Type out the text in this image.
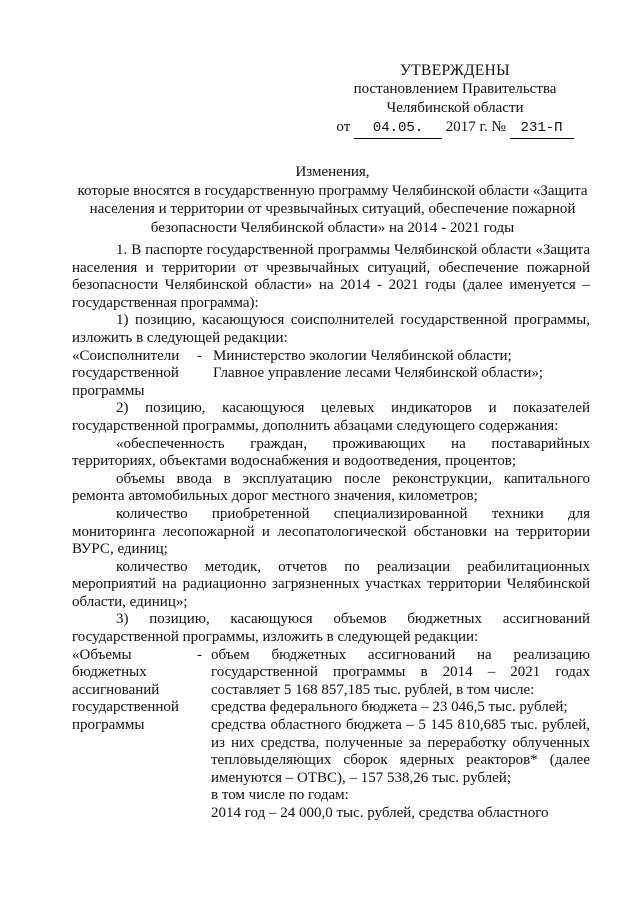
УТВЕРЖДЕНЫ
постановлением Правительства
Челябинской области
от 04.05. 2017 г. № 231-П
Изменения,
которые вносятся в государственную программу Челябинской области «Защита
населения и территории от чрезвычайных ситуаций, обеспечение пожарной
безопасности Челябинской области» на 2014 - 2021 годы

1. В паспорте государственной программы Челябинской области «Защита населения и территории от чрезвычайных ситуаций, обеспечение пожарной безопасности Челябинской области» на 2014 - 2021 годы (далее именуется – государственная программа):

1) позицию, касающуюся соисполнителей государственной программы, изложить в следующей редакции:

«Соисполнители государственной программы
- Министерство экологии Челябинской области;
Главное управление лесами Челябинской области»;

2) позицию, касающуюся целевых индикаторов и показателей государственной программы, дополнить абзацами следующего содержания:

«обеспеченность граждан, проживающих на поставарийных территориях, объектами водоснабжения и водоотведения, процентов;

объемы ввода в эксплуатацию после реконструкции, капитального ремонта автомобильных дорог местного значения, километров;

количество приобретенной специализированной техники для мониторинга лесопожарной и лесопатологической обстановки на территории ВУРС, единиц;

количество методик, отчетов по реализации реабилитационных мероприятий на радиационно загрязненных участках территории Челябинской области, единиц»;

3) позицию, касающуюся объемов бюджетных ассигнований государственной программы, изложить в следующей редакции:

«Объемы бюджетных ассигнований государственной программы
- объем бюджетных ассигнований на реализацию государственной программы в 2014 – 2021 годах составляет 5 168 857,185 тыс. рублей, в том числе:
средства федерального бюджета – 23 046,5 тыс. рублей;
средства областного бюджета – 5 145 810,685 тыс. рублей, из них средства, полученные за переработку облученных тепловыделяющих сборок ядерных реакторов* (далее именуются – ОТВС), – 157 538,26 тыс. рублей;
в том числе по годам:
2014 год – 24 000,0 тыс. рублей, средства областного
